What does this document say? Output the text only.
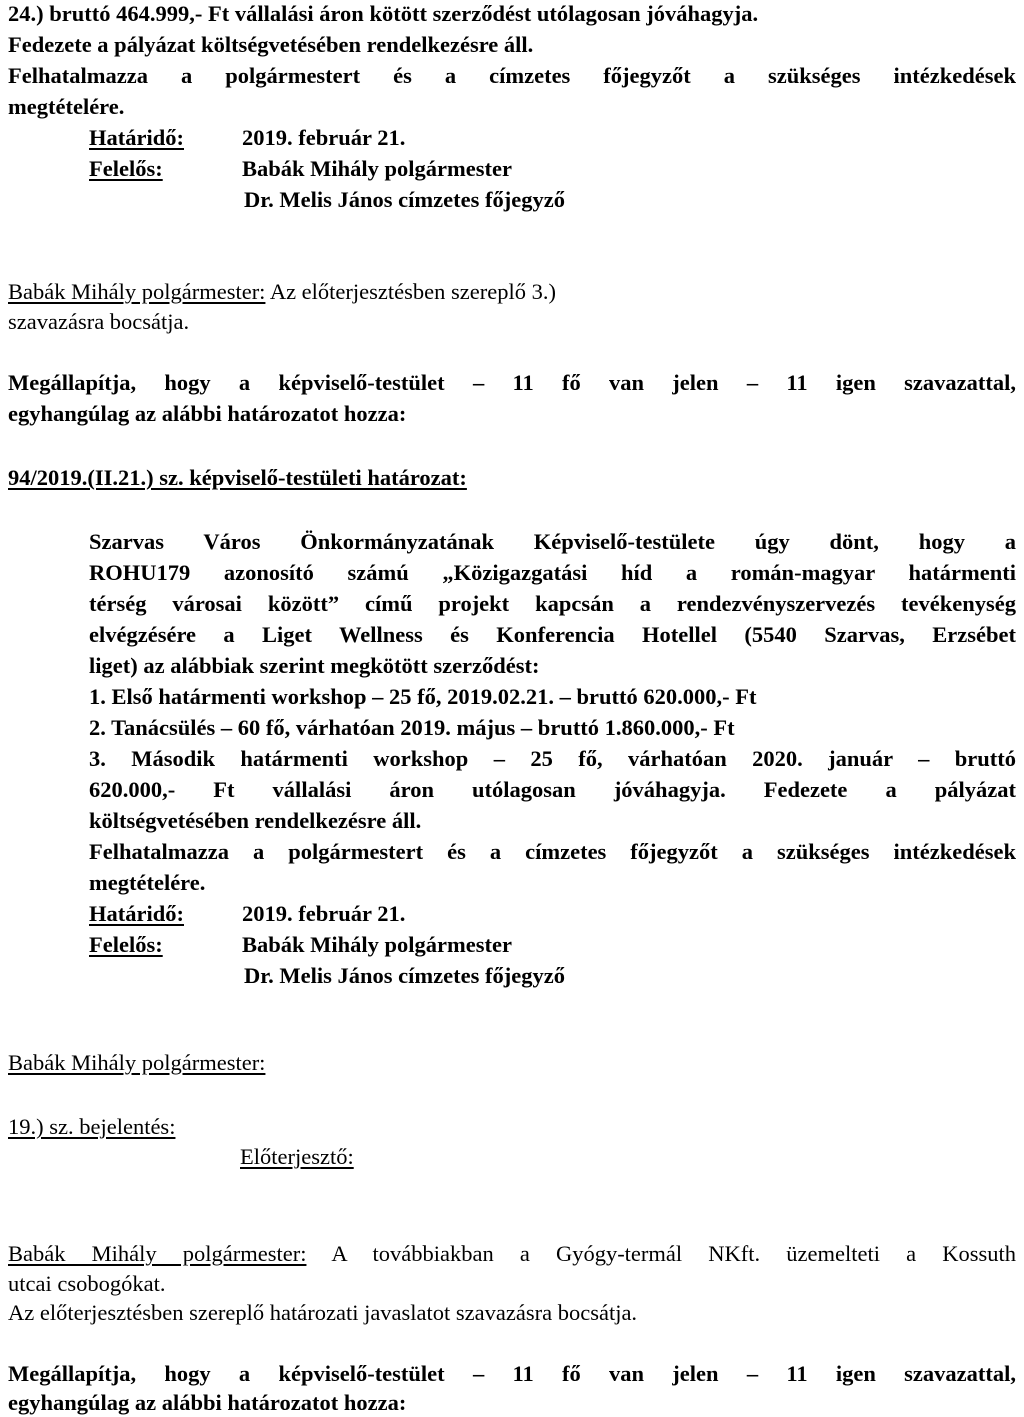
24.) bruttó 464.999,- Ft vállalási áron kötött szerződést utólagosan jóváhagyja.
Fedezete a pályázat költségvetésében rendelkezésre áll.
Felhatalmazza a polgármestert és a címzetes főjegyzőt a szükséges intézkedések
megtételére.
Határidő:	2019. február 21.
Felelős:	Babák Mihály polgármester
Dr. Melis János címzetes főjegyző
Babák Mihály polgármester: Az előterjesztésben szereplő 3.)
szavazásra bocsátja.
Megállapítja, hogy a képviselő-testület – 11 fő van jelen – 11 igen szavazattal,
egyhangúlag az alábbi határozatot hozza:
94/2019.(II.21.) sz. képviselő-testületi határozat:
Szarvas Város Önkormányzatának Képviselő-testülete úgy dönt, hogy a
ROHU179 azonosító számú „Közigazgatási híd a román-magyar határmenti
térség városai között” című projekt kapcsán a rendezvényszervezés tevékenység
elvégzésére a Liget Wellness és Konferencia Hotellel (5540 Szarvas, Erzsébet
liget) az alábbiak szerint megkötött szerződést:
1. Első határmenti workshop – 25 fő, 2019.02.21. – bruttó 620.000,- Ft
2. Tanácsülés – 60 fő, várhatóan 2019. május – bruttó 1.860.000,- Ft
3. Második határmenti workshop – 25 fő, várhatóan 2020. január – bruttó
620.000,- Ft vállalási áron utólagosan jóváhagyja. Fedezete a pályázat
költségvetésében rendelkezésre áll.
Felhatalmazza a polgármestert és a címzetes főjegyzőt a szükséges intézkedések
megtételére.
Határidő:	2019. február 21.
Felelős:	Babák Mihály polgármester
Dr. Melis János címzetes főjegyző
Babák Mihály polgármester:
19.) sz. bejelentés:
Előterjesztő:
Babák Mihály polgármester: A továbbiakban a Gyógy-termál NKft. üzemelteti a Kossuth
utcai csobogókat.
Az előterjesztésben szereplő határozati javaslatot szavazásra bocsátja.
Megállapítja, hogy a képviselő-testület – 11 fő van jelen – 11 igen szavazattal,
egyhangúlag az alábbi határozatot hozza:
